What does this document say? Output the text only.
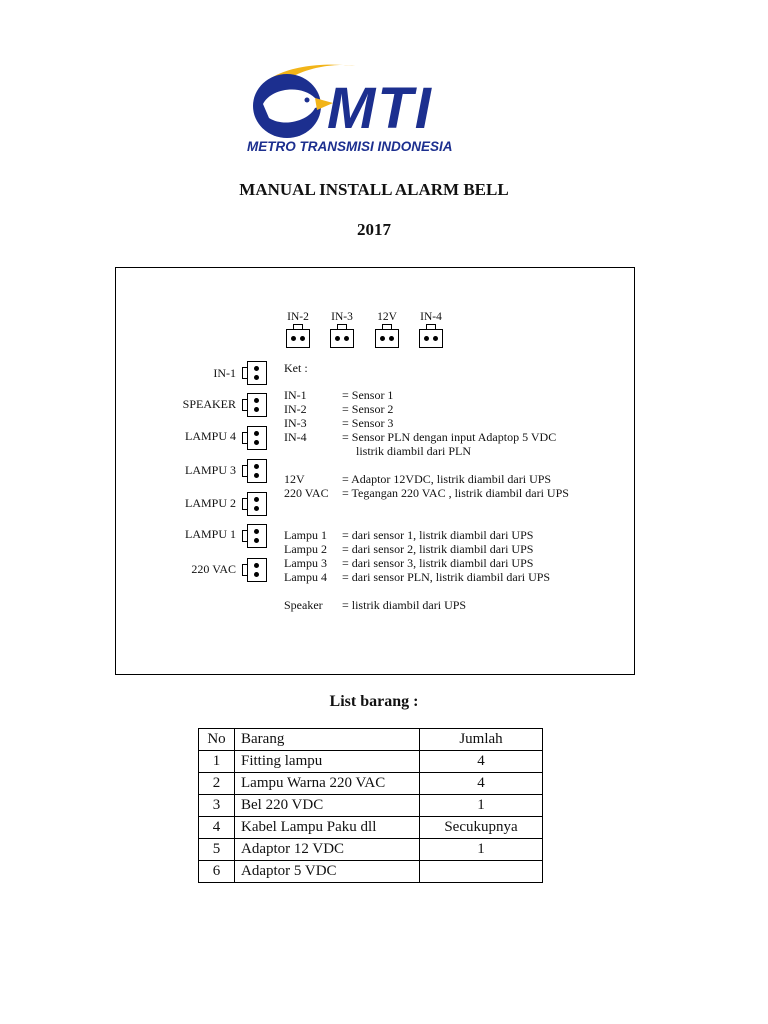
MTI
METRO TRANSMISI INDONESIA
MANUAL INSTALL ALARM BELL
2017
IN-2	IN-3	12V	IN-4
IN-1
SPEAKER
LAMPU 4
LAMPU 3
LAMPU 2
LAMPU 1
220 VAC
Ket :
IN-1	= Sensor 1
IN-2	= Sensor 2
IN-3	= Sensor 3
IN-4	= Sensor PLN dengan input Adaptop 5 VDC
listrik diambil dari PLN
12V	= Adaptor 12VDC, listrik diambil dari UPS
220 VAC = Tegangan 220 VAC , listrik diambil dari UPS
Lampu 1 = dari sensor 1, listrik diambil dari UPS
Lampu 2 = dari sensor 2, listrik diambil dari UPS
Lampu 3 = dari sensor 3, listrik diambil dari UPS
Lampu 4 = dari sensor PLN, listrik diambil dari UPS
Speaker = listrik diambil dari UPS
List barang :
No	Barang	Jumlah
1	Fitting lampu	4
2	Lampu Warna 220 VAC	4
3	Bel 220 VDC	1
4	Kabel Lampu Paku dll	Secukupnya
5	Adaptor 12 VDC	1
6	Adaptor 5 VDC	
